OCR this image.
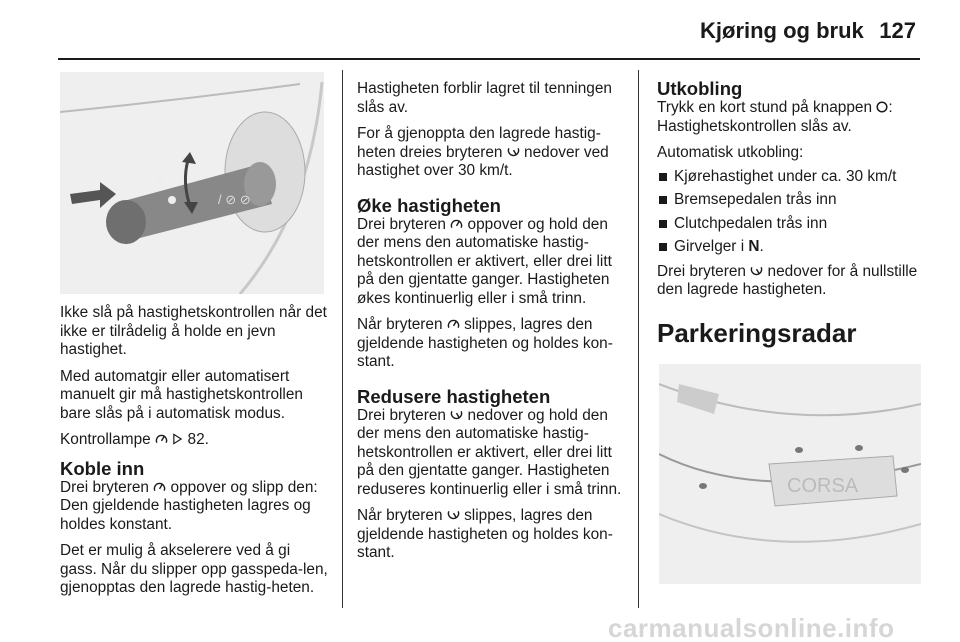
Kjøring og bruk 127
/ ⊘ ⊘

Ikke slå på hastighetskontrollen når det ikke er tilrådelig å holde en jevn hastighet.

Med automatgir eller automatisert manuelt gir må hastighetskontrollen bare slås på i automatisk modus.

Kontrollampe 82.

Koble inn

Drei bryteren oppover og slipp den: Den gjeldende hastigheten lagres og holdes konstant.

Det er mulig å akselerere ved å gi gass. Når du slipper opp gasspeda-len, gjenopptas den lagrede hastig-heten.

Hastigheten forblir lagret til tenningen slås av.

For å gjenoppta den lagrede hastig-heten dreies bryteren nedover ved hastighet over 30 km/t.

Øke hastigheten

Drei bryteren oppover og hold den der mens den automatiske hastig-hetskontrollen er aktivert, eller drei litt på den gjentatte ganger. Hastigheten økes kontinuerlig eller i små trinn.

Når bryteren slippes, lagres den gjeldende hastigheten og holdes kon-stant.

Redusere hastigheten

Drei bryteren nedover og hold den der mens den automatiske hastig-hetskontrollen er aktivert, eller drei litt på den gjentatte ganger. Hastigheten reduseres kontinuerlig eller i små trinn.

Når bryteren slippes, lagres den gjeldende hastigheten og holdes kon-stant.

Utkobling

Trykk en kort stund på knappen : Hastighetskontrollen slås av.

Automatisk utkobling:

Kjørehastighet under ca. 30 km/t
Bremsepedalen trås inn
Clutchpedalen trås inn
Girvelger i N.

Drei bryteren nedover for å nullstille den lagrede hastigheten.

Parkeringsradar
CORSA
carmanualsonline.info
